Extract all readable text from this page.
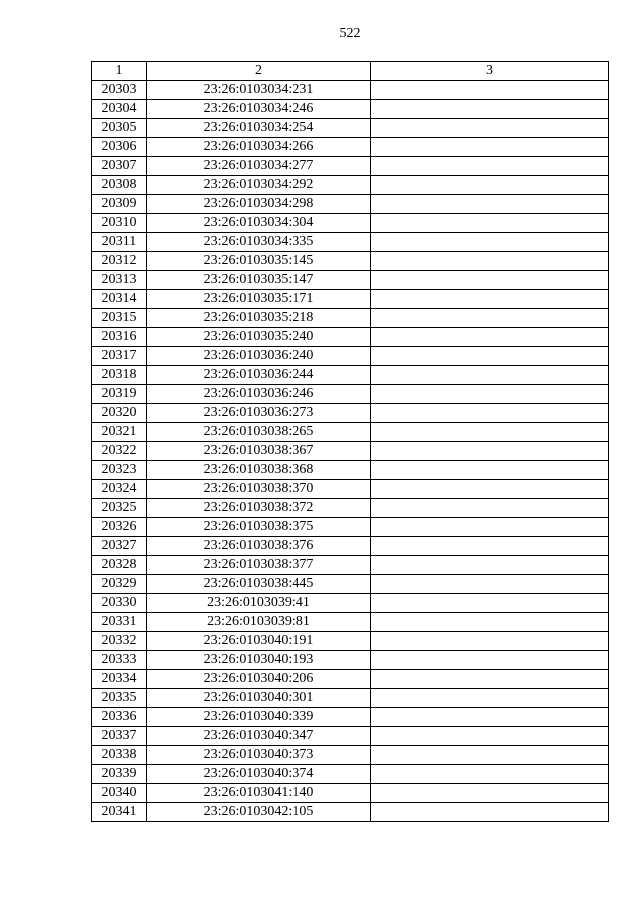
522
1	2	3
20303	23:26:0103034:231	
20304	23:26:0103034:246	
20305	23:26:0103034:254	
20306	23:26:0103034:266	
20307	23:26:0103034:277	
20308	23:26:0103034:292	
20309	23:26:0103034:298	
20310	23:26:0103034:304	
20311	23:26:0103034:335	
20312	23:26:0103035:145	
20313	23:26:0103035:147	
20314	23:26:0103035:171	
20315	23:26:0103035:218	
20316	23:26:0103035:240	
20317	23:26:0103036:240	
20318	23:26:0103036:244	
20319	23:26:0103036:246	
20320	23:26:0103036:273	
20321	23:26:0103038:265	
20322	23:26:0103038:367	
20323	23:26:0103038:368	
20324	23:26:0103038:370	
20325	23:26:0103038:372	
20326	23:26:0103038:375	
20327	23:26:0103038:376	
20328	23:26:0103038:377	
20329	23:26:0103038:445	
20330	23:26:0103039:41	
20331	23:26:0103039:81	
20332	23:26:0103040:191	
20333	23:26:0103040:193	
20334	23:26:0103040:206	
20335	23:26:0103040:301	
20336	23:26:0103040:339	
20337	23:26:0103040:347	
20338	23:26:0103040:373	
20339	23:26:0103040:374	
20340	23:26:0103041:140	
20341	23:26:0103042:105	
